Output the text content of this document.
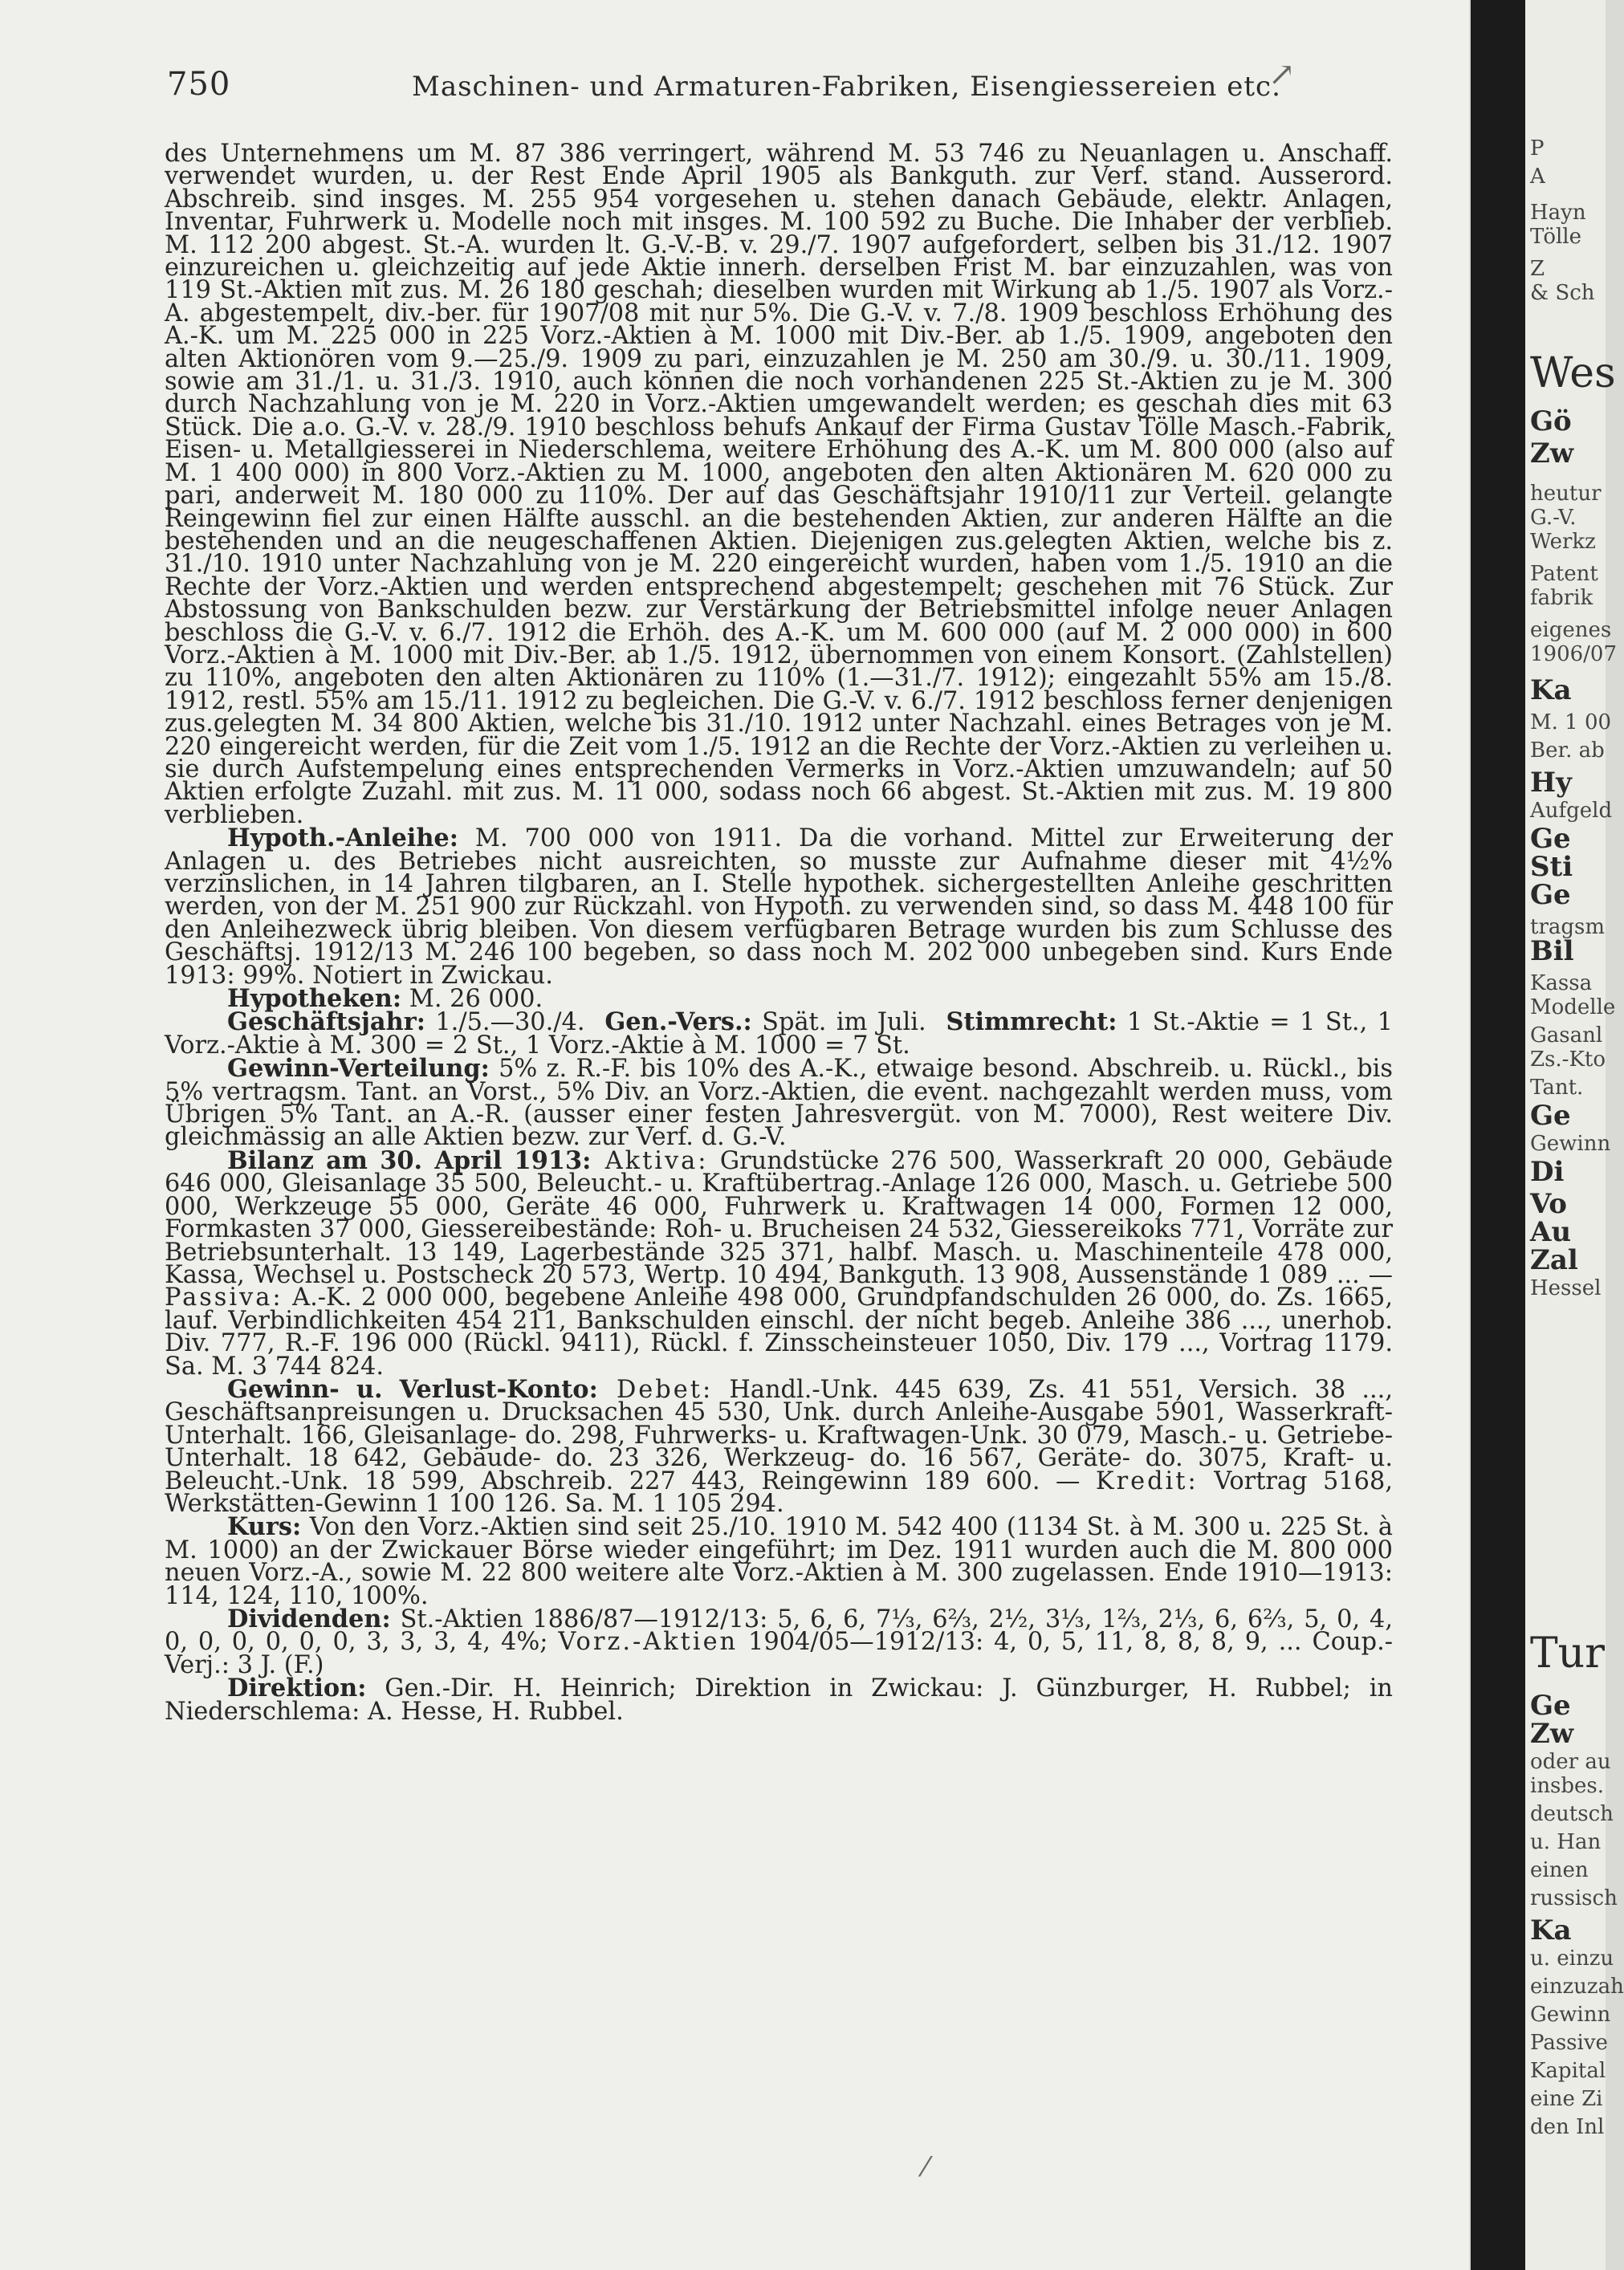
750	Maschinen- und Armaturen-Fabriken, Eisengiessereien etc.

des Unternehmens um M. 87 386 verringert, während M. 53 746 zu Neuanlagen u. Anschaff. verwendet wurden, u. der Rest Ende April 1905 als Bankguth. zur Verf. stand. Ausserord. Abschreib. sind insges. M. 255 954 vorgesehen u. stehen danach Gebäude, elektr. Anlagen, Inventar, Fuhrwerk u. Modelle noch mit insges. M. 100 592 zu Buche. Die Inhaber der verblieb. M. 112 200 abgest. St.-A. wurden lt. G.-V.-B. v. 29./7. 1907 aufgefordert, selben bis 31./12. 1907 einzureichen u. gleichzeitig auf jede Aktie innerh. derselben Frist M. bar einzuzahlen, was von 119 St.-Aktien mit zus. M. 26 180 geschah; dieselben wurden mit Wirkung ab 1./5. 1907 als Vorz.-A. abgestempelt, div.-ber. für 1907/08 mit nur 5%. Die G.-V. v. 7./8. 1909 beschloss Erhöhung des A.-K. um M. 225 000 in 225 Vorz.-Aktien à M. 1000 mit Div.-Ber. ab 1./5. 1909, angeboten den alten Aktionören vom 9.—25./9. 1909 zu pari, einzuzahlen je M. 250 am 30./9. u. 30./11. 1909, sowie am 31./1. u. 31./3. 1910, auch können die noch vorhandenen 225 St.-Aktien zu je M. 300 durch Nachzahlung von je M. 220 in Vorz.-Aktien umgewandelt werden; es geschah dies mit 63 Stück. Die a.o. G.-V. v. 28./9. 1910 beschloss behufs Ankauf der Firma Gustav Tölle Masch.-Fabrik, Eisen- u. Metallgiesserei in Niederschlema, weitere Erhöhung des A.-K. um M. 800 000 (also auf M. 1 400 000) in 800 Vorz.-Aktien zu M. 1000, angeboten den alten Aktionären M. 620 000 zu pari, anderweit M. 180 000 zu 110%. Der auf das Geschäftsjahr 1910/11 zur Verteil. gelangte Reingewinn fiel zur einen Hälfte ausschl. an die bestehenden Aktien, zur anderen Hälfte an die bestehenden und an die neugeschaffenen Aktien. Diejenigen zus.gelegten Aktien, welche bis z. 31./10. 1910 unter Nachzahlung von je M. 220 eingereicht wurden, haben vom 1./5. 1910 an die Rechte der Vorz.-Aktien und werden entsprechend abgestempelt; geschehen mit 76 Stück. Zur Abstossung von Bankschulden bezw. zur Verstärkung der Betriebsmittel infolge neuer Anlagen beschloss die G.-V. v. 6./7. 1912 die Erhöh. des A.-K. um M. 600 000 (auf M. 2 000 000) in 600 Vorz.-Aktien à M. 1000 mit Div.-Ber. ab 1./5. 1912, übernommen von einem Konsort. (Zahlstellen) zu 110%, angeboten den alten Aktionären zu 110% (1.—31./7. 1912); eingezahlt 55% am 15./8. 1912, restl. 55% am 15./11. 1912 zu begleichen. Die G.-V. v. 6./7. 1912 beschloss ferner denjenigen zus.gelegten M. 34 800 Aktien, welche bis 31./10. 1912 unter Nachzahl. eines Betrages von je M. 220 eingereicht werden, für die Zeit vom 1./5. 1912 an die Rechte der Vorz.-Aktien zu verleihen u. sie durch Aufstempelung eines entsprechenden Vermerks in Vorz.-Aktien umzuwandeln; auf 50 Aktien erfolgte Zuzahl. mit zus. M. 11 000, sodass noch 66 abgest. St.-Aktien mit zus. M. 19 800 verblieben.

Hypoth.-Anleihe: M. 700 000 von 1911. Da die vorhand. Mittel zur Erweiterung der Anlagen u. des Betriebes nicht ausreichten, so musste zur Aufnahme dieser mit 4½% verzinslichen, in 14 Jahren tilgbaren, an I. Stelle hypothek. sichergestellten Anleihe geschritten werden, von der M. 251 900 zur Rückzahl. von Hypoth. zu verwenden sind, so dass M. 448 100 für den Anleihezweck übrig bleiben. Von diesem verfügbaren Betrage wurden bis zum Schlusse des Geschäftsj. 1912/13 M. 246 100 begeben, so dass noch M. 202 000 unbegeben sind. Kurs Ende 1913: 99%. Notiert in Zwickau.

Hypotheken: M. 26 000.

Geschäftsjahr: 1./5.—30./4. Gen.-Vers.: Spät. im Juli. Stimmrecht: 1 St.-Aktie = 1 St., 1 Vorz.-Aktie à M. 300 = 2 St., 1 Vorz.-Aktie à M. 1000 = 7 St.

Gewinn-Verteilung: 5% z. R.-F. bis 10% des A.-K., etwaige besond. Abschreib. u. Rückl., bis 5% vertragsm. Tant. an Vorst., 5% Div. an Vorz.-Aktien, die event. nachgezahlt werden muss, vom Übrigen 5% Tant. an A.-R. (ausser einer festen Jahresvergüt. von M. 7000), Rest weitere Div. gleichmässig an alle Aktien bezw. zur Verf. d. G.-V.

Bilanz am 30. April 1913: Aktiva: Grundstücke 276 500, Wasserkraft 20 000, Gebäude 646 000, Gleisanlage 35 500, Beleucht.- u. Kraftübertrag.-Anlage 126 000, Masch. u. Getriebe 500 000, Werkzeuge 55 000, Geräte 46 000, Fuhrwerk u. Kraftwagen 14 000, Formen 12 000, Formkasten 37 000, Giessereibestände: Roh- u. Brucheisen 24 532, Giessereikoks 771, Vorräte zur Betriebsunterhalt. 13 149, Lagerbestände 325 371, halbf. Masch. u. Maschinenteile 478 000, Kassa, Wechsel u. Postscheck 20 573, Wertp. 10 494, Bankguth. 13 908, Aussenstände 1 089 ... — Passiva: A.-K. 2 000 000, begebene Anleihe 498 000, Grundpfandschulden 26 000, do. Zs. 1665, lauf. Verbindlichkeiten 454 211, Bankschulden einschl. der nicht begeb. Anleihe 386 ..., unerhob. Div. 777, R.-F. 196 000 (Rückl. 9411), Rückl. f. Zinsscheinsteuer 1050, Div. 179 ..., Vortrag 1179. Sa. M. 3 744 824.

Gewinn- u. Verlust-Konto: Debet: Handl.-Unk. 445 639, Zs. 41 551, Versich. 38 ..., Geschäftsanpreisungen u. Drucksachen 45 530, Unk. durch Anleihe-Ausgabe 5901, Wasserkraft-Unterhalt. 166, Gleisanlage- do. 298, Fuhrwerks- u. Kraftwagen-Unk. 30 079, Masch.- u. Getriebe-Unterhalt. 18 642, Gebäude- do. 23 326, Werkzeug- do. 16 567, Geräte- do. 3075, Kraft- u. Beleucht.-Unk. 18 599, Abschreib. 227 443, Reingewinn 189 600. — Kredit: Vortrag 5168, Werkstätten-Gewinn 1 100 126. Sa. M. 1 105 294.

Kurs: Von den Vorz.-Aktien sind seit 25./10. 1910 M. 542 400 (1134 St. à M. 300 u. 225 St. à M. 1000) an der Zwickauer Börse wieder eingeführt; im Dez. 1911 wurden auch die M. 800 000 neuen Vorz.-A., sowie M. 22 800 weitere alte Vorz.-Aktien à M. 300 zugelassen. Ende 1910—1913: 114, 124, 110, 100%.

Dividenden: St.-Aktien 1886/87—1912/13: 5, 6, 6, 7⅓, 6⅔, 2½, 3⅓, 1⅔, 2⅓, 6, 6⅔, 5, 0, 4, 0, 0, 0, 0, 0, 0, 3, 3, 3, 4, 4%; Vorz.-Aktien 1904/05—1912/13: 4, 0, 5, 11, 8, 8, 8, 9, ... Coup.-Verj.: 3 J. (F.)

Direktion: Gen.-Dir. H. Heinrich; Direktion in Zwickau: J. Günzburger, H. Rubbel; in Niederschlema: A. Hesse, H. Rubbel.

↗
⁄
P
A
Hayn
Tölle
Z
& Sch
Wes
Gö
Zw
heutur
G.-V.
Werkz
Patent
fabrik
eigenes
1906/07
Ka
M. 1 00
Ber. ab
Hy
Aufgeld
Ge
Sti
Ge
tragsm
Bil
Kassa
Modelle
Gasanl
Zs.-Kto
Tant.
Ge
Gewinn
Di
Vo
Au
Zal
Hessel
Tur
Ge
Zw
oder au
insbes.
deutsch
u. Han
einen
russisch
Ka
u. einzu
einzuzah
Gewinn
Passive
Kapital
eine Zi
den Inl
